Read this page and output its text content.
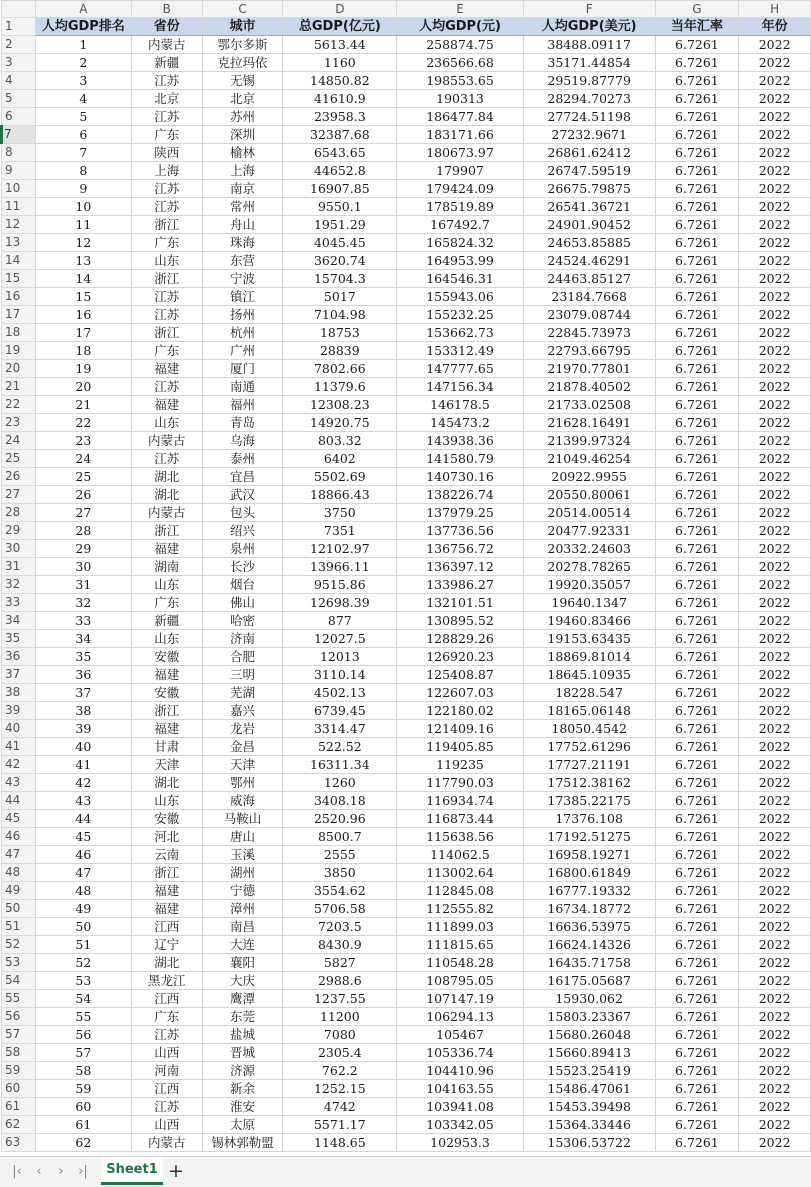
	A	B	C	D	E	F	G	H
1	人均GDP排名	省份	城市	总GDP(亿元)	人均GDP(元)	人均GDP(美元)	当年汇率	年份
2	1	内蒙古	鄂尔多斯	5613.44	258874.75	38488.09117	6.7261	2022
3	2	新疆	克拉玛依	1160	236566.68	35171.44854	6.7261	2022
4	3	江苏	无锡	14850.82	198553.65	29519.87779	6.7261	2022
5	4	北京	北京	41610.9	190313	28294.70273	6.7261	2022
6	5	江苏	苏州	23958.3	186477.84	27724.51198	6.7261	2022
7	6	广东	深圳	32387.68	183171.66	27232.9671	6.7261	2022
8	7	陕西	榆林	6543.65	180673.97	26861.62412	6.7261	2022
9	8	上海	上海	44652.8	179907	26747.59519	6.7261	2022
10	9	江苏	南京	16907.85	179424.09	26675.79875	6.7261	2022
11	10	江苏	常州	9550.1	178519.89	26541.36721	6.7261	2022
12	11	浙江	舟山	1951.29	167492.7	24901.90452	6.7261	2022
13	12	广东	珠海	4045.45	165824.32	24653.85885	6.7261	2022
14	13	山东	东营	3620.74	164953.99	24524.46291	6.7261	2022
15	14	浙江	宁波	15704.3	164546.31	24463.85127	6.7261	2022
16	15	江苏	镇江	5017	155943.06	23184.7668	6.7261	2022
17	16	江苏	扬州	7104.98	155232.25	23079.08744	6.7261	2022
18	17	浙江	杭州	18753	153662.73	22845.73973	6.7261	2022
19	18	广东	广州	28839	153312.49	22793.66795	6.7261	2022
20	19	福建	厦门	7802.66	147777.65	21970.77801	6.7261	2022
21	20	江苏	南通	11379.6	147156.34	21878.40502	6.7261	2022
22	21	福建	福州	12308.23	146178.5	21733.02508	6.7261	2022
23	22	山东	青岛	14920.75	145473.2	21628.16491	6.7261	2022
24	23	内蒙古	乌海	803.32	143938.36	21399.97324	6.7261	2022
25	24	江苏	泰州	6402	141580.79	21049.46254	6.7261	2022
26	25	湖北	宜昌	5502.69	140730.16	20922.9955	6.7261	2022
27	26	湖北	武汉	18866.43	138226.74	20550.80061	6.7261	2022
28	27	内蒙古	包头	3750	137979.25	20514.00514	6.7261	2022
29	28	浙江	绍兴	7351	137736.56	20477.92331	6.7261	2022
30	29	福建	泉州	12102.97	136756.72	20332.24603	6.7261	2022
31	30	湖南	长沙	13966.11	136397.12	20278.78265	6.7261	2022
32	31	山东	烟台	9515.86	133986.27	19920.35057	6.7261	2022
33	32	广东	佛山	12698.39	132101.51	19640.1347	6.7261	2022
34	33	新疆	哈密	877	130895.52	19460.83466	6.7261	2022
35	34	山东	济南	12027.5	128829.26	19153.63435	6.7261	2022
36	35	安徽	合肥	12013	126920.23	18869.81014	6.7261	2022
37	36	福建	三明	3110.14	125408.87	18645.10935	6.7261	2022
38	37	安徽	芜湖	4502.13	122607.03	18228.547	6.7261	2022
39	38	浙江	嘉兴	6739.45	122180.02	18165.06148	6.7261	2022
40	39	福建	龙岩	3314.47	121409.16	18050.4542	6.7261	2022
41	40	甘肃	金昌	522.52	119405.85	17752.61296	6.7261	2022
42	41	天津	天津	16311.34	119235	17727.21191	6.7261	2022
43	42	湖北	鄂州	1260	117790.03	17512.38162	6.7261	2022
44	43	山东	威海	3408.18	116934.74	17385.22175	6.7261	2022
45	44	安徽	马鞍山	2520.96	116873.44	17376.108	6.7261	2022
46	45	河北	唐山	8500.7	115638.56	17192.51275	6.7261	2022
47	46	云南	玉溪	2555	114062.5	16958.19271	6.7261	2022
48	47	浙江	湖州	3850	113002.64	16800.61849	6.7261	2022
49	48	福建	宁德	3554.62	112845.08	16777.19332	6.7261	2022
50	49	福建	漳州	5706.58	112555.82	16734.18772	6.7261	2022
51	50	江西	南昌	7203.5	111899.03	16636.53975	6.7261	2022
52	51	辽宁	大连	8430.9	111815.65	16624.14326	6.7261	2022
53	52	湖北	襄阳	5827	110548.28	16435.71758	6.7261	2022
54	53	黑龙江	大庆	2988.6	108795.05	16175.05687	6.7261	2022
55	54	江西	鹰潭	1237.55	107147.19	15930.062	6.7261	2022
56	55	广东	东莞	11200	106294.13	15803.23367	6.7261	2022
57	56	江苏	盐城	7080	105467	15680.26048	6.7261	2022
58	57	山西	晋城	2305.4	105336.74	15660.89413	6.7261	2022
59	58	河南	济源	762.2	104410.96	15523.25419	6.7261	2022
60	59	江西	新余	1252.15	104163.55	15486.47061	6.7261	2022
61	60	江苏	淮安	4742	103941.08	15453.39498	6.7261	2022
62	61	山西	太原	5571.17	103342.05	15364.33446	6.7261	2022
63	62	内蒙古	锡林郭勒盟	1148.65	102953.3	15306.53722	6.7261	2022
|‹	‹	›	›|	Sheet1 +
